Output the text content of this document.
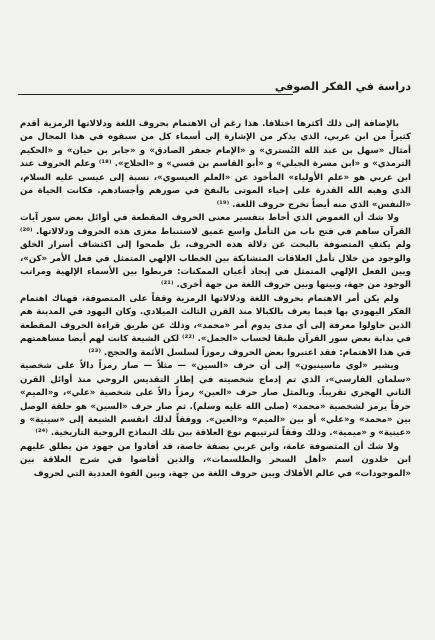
دراسة في الفكر الصوفي

بالإضافة إلى ذلك أكثرها اختلافا. هذا رغم أن الاهتمام بحروف اللغة ودلالاتها الرمزية أقدم كثيراً من ابن عربي، الذي يذكر من الإشارة إلى أسماء كل من سبقوه في هذا المجال من أمثال «سهل بن عبد الله التُستري» و «الإمام جعفر الصادق» و «جابر بن حيان» و «الحكيم الترمذي» و «ابن مسرة الجبلي» و «أبو القاسم بن قسي» و «الحلاج». ⁽¹⁸⁾ وعلم الحروف عند ابن عربي هو «علم الأولياء» المأخوذ عن «العلم العيسوي»، نسبة إلى عيسى عليه السلام، الذي وهبه الله القدرة على إحياء الموتى بالنفخ في صورهم وأجسادهم. فكانت الحياة من «النفس» الذي منه أيضاً تخرج حروف اللغة. ⁽¹⁹⁾

ولا شك أن الغموض الذي أحاط بتفسير معنى الحروف المقطعة في أوائل بعض سور آيات القرآن ساهم في فتح باب من التأمل واسع عميق لاستنباط مغزى هذه الحروف ودلالاتها. ⁽²⁰⁾ ولم يكتفِ المتصوفة بالبحث عن دلالة هذه الحروف، بل طمحوا إلى اكتشاف أسرار الخلق والوجود من خلال تأمل العلاقات المتشابكة بين الخطاب الإلهي المتمثل في فعل الأمر «كن»، وبين الفعل الإلهي المتمثل في إيجاد أعيان الممكنات: فربطوا بين الأسماء الإلهية ومراتب الوجود من جهة، وبينها وبين حروف اللغة من جهة أخرى. ⁽²¹⁾

ولم يكن أمر الاهتمام بحروف اللغة ودلالاتها الرمزية وقفاً على المتصوفة، فهناك اهتمام الفكر اليهودي بها فيما يعرف بالكبالا منذ القرن الثالث الميلادي. وكان اليهود في المدينة هم الذين حاولوا معرفة إلى أي مدى يدوم أمر «محمد»، وذلك عن طريق قراءة الحروف المقطعة في بداية بعض سور القرآن طبقا لحساب «الجمل». ⁽²²⁾ لكن الشيعة كانت لهم أيضا مساهمتهم في هذا الاهتمام: فقد اعتبروا بعض الحروف رموزاً لسلسل الأئمة والحجج. ⁽²³⁾

ويشير «لوي ماسينيون» إلى أن حرف «السين» — مثلاً — صار رمزاً دالاً على شخصية «سلمان الفارسي»، الذي تم إدماج شخصيته في إطار التقديس الروحي منذ أوائل القرن الثاني الهجري تقريباً. وبالمثل صار حرف «العين» رمزاً دالاً على شخصية «علي»، و«الميم» حرفاً يرمز لشخصية «محمد» (صلى الله عليه وسلم). ثم صار حرف «السين» هو حلقة الوصل بين «محمد» و«علي» أو بين «الميم» و«العين». ووفقاً لذلك انقسم الشيعة إلى «سينية» و «عينية» و «ميمية». وذلك وفقاً لترتيبهم نوع العلاقة بين تلك النماذج الروحية التاريخية. ⁽²⁴⁾

ولا شك أن المتصوفة عامة، وابن عربي بصفة خاصة، قد أفادوا من جهود من يطلق عليهم ابن خلدون اسم «أهل السحر والطلسمات»، والذين أفاضوا في شرح العلاقة بين «الموجودات» في عالم الأفلاك وبين حروف اللغة من جهة، وبين القوة العددية التي لحروف
